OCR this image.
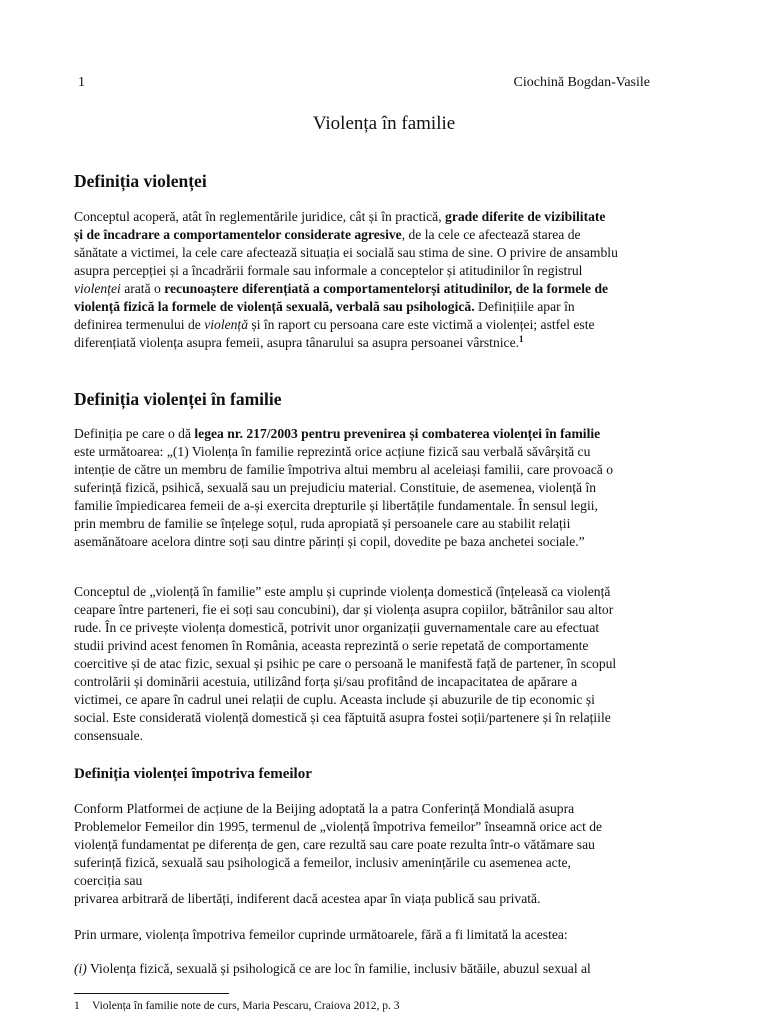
1	Ciochină Bogdan-Vasile
Violența în familie
Definiția violenței
Conceptul acoperă, atât în reglementările juridice, cât și în practică, grade diferite de vizibilitate
și de încadrare a comportamentelor considerate agresive, de la cele ce afectează starea de
sănătate a victimei, la cele care afectează situația ei socială sau stima de sine. O privire de ansamblu
asupra percepției și a încadrării formale sau informale a conceptelor și atitudinilor în registrul
violenței arată o recunoaștere diferențiată a comportamentelorși atitudinilor, de la formele de
violență fizică la formele de violență sexuală, verbală sau psihologică. Definițiile apar în
definirea termenului de violență și în raport cu persoana care este victimă a violenței; astfel este
diferențiată violența asupra femeii, asupra tânarului sa asupra persoanei vârstnice.$^1$
Definiția violenței în familie
Definiția pe care o dă legea nr. 217/2003 pentru prevenirea și combaterea violenței în familie
este următoarea: „(1) Violența în familie reprezintă orice acțiune fizică sau verbală săvârșită cu
intenție de către un membru de familie împotriva altui membru al aceleiași familii, care provoacă o
suferință fizică, psihică, sexuală sau un prejudiciu material. Constituie, de asemenea, violență în
familie împiedicarea femeii de a-și exercita drepturile și libertățile fundamentale. În sensul legii,
prin membru de familie se înțelege soțul, ruda apropiată și persoanele care au stabilit relații
asemănătoare acelora dintre soți sau dintre părinți și copil, dovedite pe baza anchetei sociale.”
Conceptul de „violență în familie” este amplu și cuprinde violența domestică (înțeleasă ca violență
ceapare între parteneri, fie ei soți sau concubini), dar și violența asupra copiilor, bătrânilor sau altor
rude. În ce privește violența domestică, potrivit unor organizații guvernamentale care au efectuat
studii privind acest fenomen în România, aceasta reprezintă o serie repetată de comportamente
coercitive și de atac fizic, sexual și psihic pe care o persoană le manifestă față de partener, în scopul
controlării și dominării acestuia, utilizând forța și/sau profitând de incapacitatea de apărare a
victimei, ce apare în cadrul unei relații de cuplu. Aceasta include și abuzurile de tip economic și
social. Este considerată violență domestică și cea făptuită asupra fostei soții/partenere și în relațiile
consensuale.
Definiția violenței împotriva femeilor
Conform Platformei de acțiune de la Beijing adoptată la a patra Conferință Mondială asupra
Problemelor Femeilor din 1995, termenul de „violență împotriva femeilor” înseamnă orice act de
violență fundamentat pe diferența de gen, care rezultă sau care poate rezulta într-o vătămare sau
suferință fizică, sexuală sau psihologică a femeilor, inclusiv amenințările cu asemenea acte,
coerciția sau
privarea arbitrară de libertăți, indiferent dacă acestea apar în viața publică sau privată.
Prin urmare, violența împotriva femeilor cuprinde următoarele, fără a fi limitată la acestea:
(i) Violența fizică, sexuală și psihologică ce are loc în familie, inclusiv bătăile, abuzul sexual al
1 Violența în familie note de curs, Maria Pescaru, Craiova 2012, p. 3
